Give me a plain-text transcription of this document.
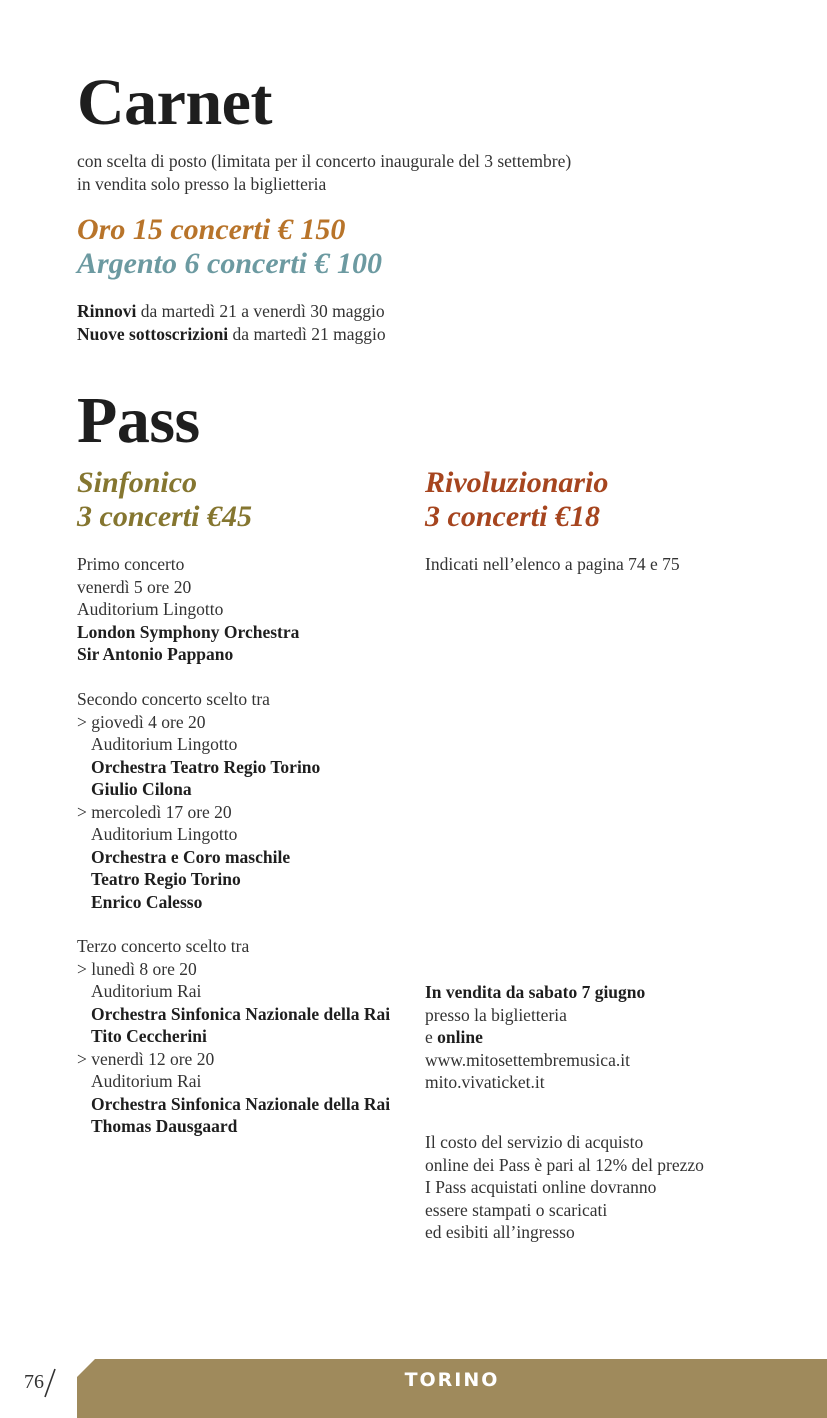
Carnet
con scelta di posto (limitata per il concerto inaugurale del 3 settembre)
in vendita solo presso la biglietteria
Oro 15 concerti € 150
Argento 6 concerti € 100
Rinnovi da martedì 21 a venerdì 30 maggio
Nuove sottoscrizioni da martedì 21 maggio
Pass
Sinfonico
3 concerti €45
Primo concerto
venerdì 5 ore 20
Auditorium Lingotto
London Symphony Orchestra
Sir Antonio Pappano
Secondo concerto scelto tra
> giovedì 4 ore 20
Auditorium Lingotto
Orchestra Teatro Regio Torino
Giulio Cilona
> mercoledì 17 ore 20
Auditorium Lingotto
Orchestra e Coro maschile
Teatro Regio Torino
Enrico Calesso
Terzo concerto scelto tra
> lunedì 8 ore 20
Auditorium Rai
Orchestra Sinfonica Nazionale della Rai
Tito Ceccherini
> venerdì 12 ore 20
Auditorium Rai
Orchestra Sinfonica Nazionale della Rai
Thomas Dausgaard
Rivoluzionario
3 concerti €18
Indicati nell’elenco a pagina 74 e 75
In vendita da sabato 7 giugno
presso la biglietteria
e online
www.mitosettembremusica.it
mito.vivaticket.it
Il costo del servizio di acquisto
online dei Pass è pari al 12% del prezzo
I Pass acquistati online dovranno
essere stampati o scaricati
ed esibiti all’ingresso
76	TORINO
